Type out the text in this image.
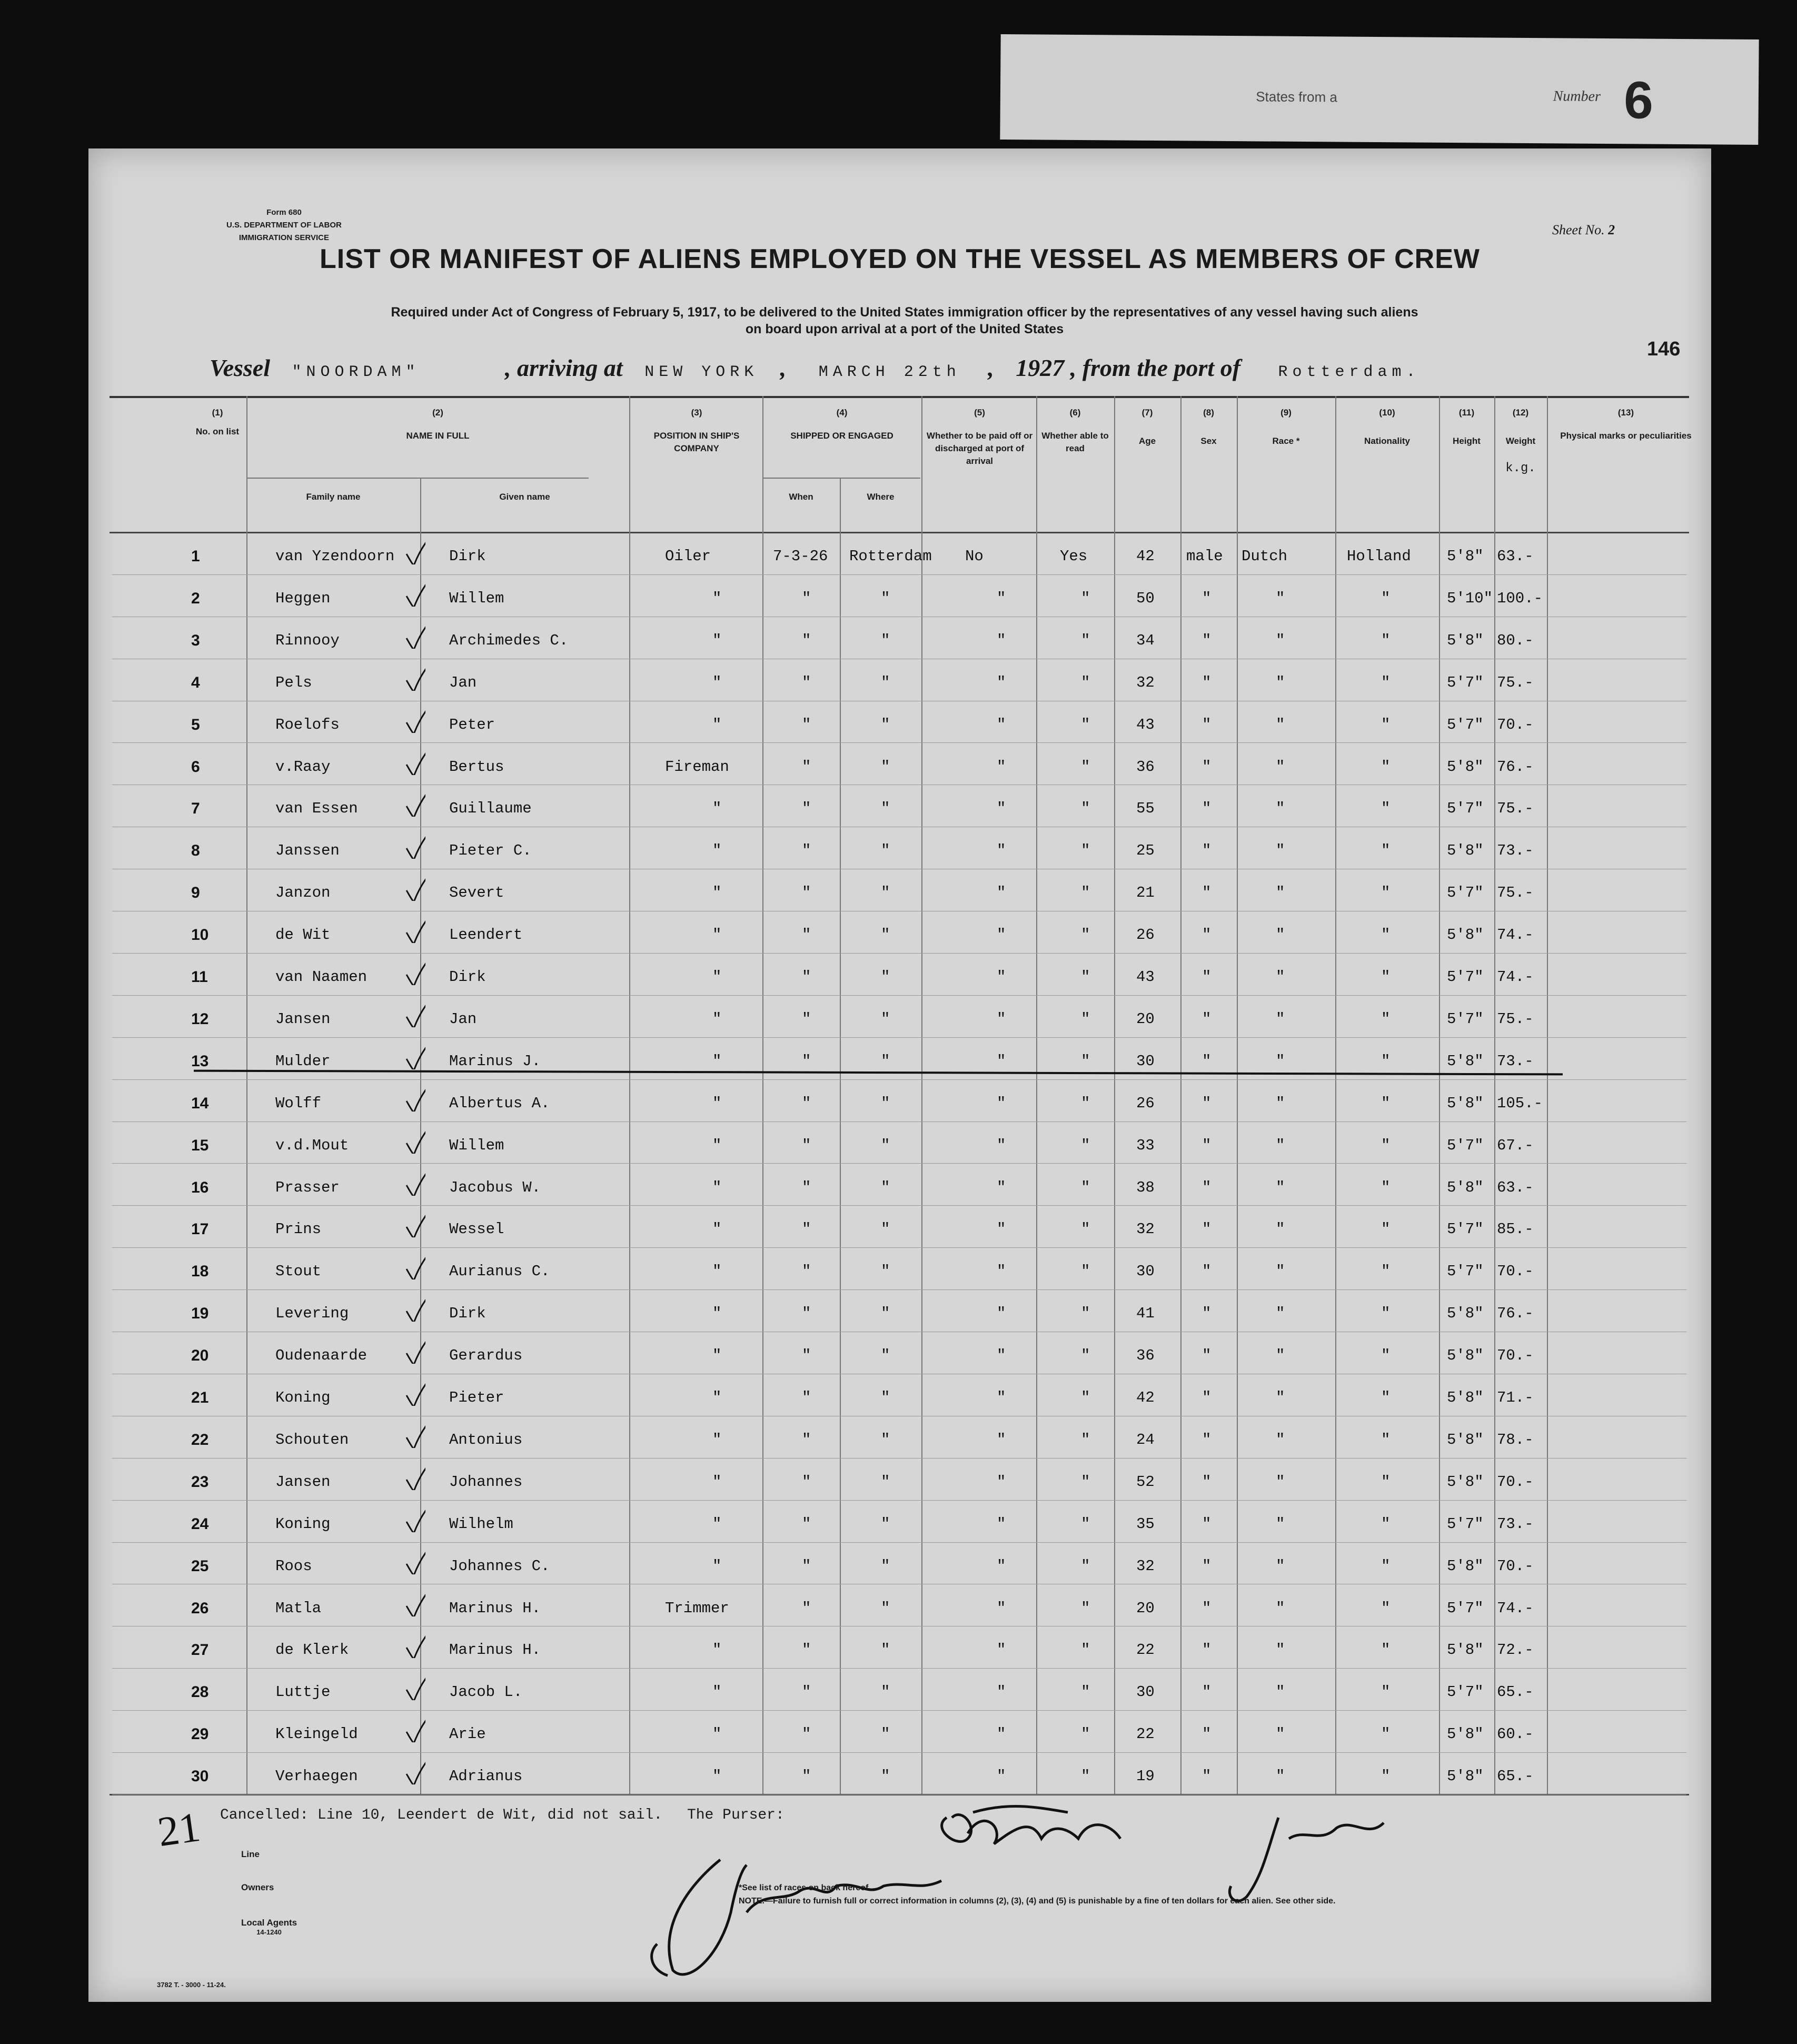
States from a	Number 6
Form 680
U.S. DEPARTMENT OF LABOR
IMMIGRATION SERVICE
Sheet No. 2
LIST OR MANIFEST OF ALIENS EMPLOYED ON THE VESSEL AS MEMBERS OF CREW
Required under Act of Congress of February 5, 1917, to be delivered to the United States immigration officer by the representatives of any vessel having such aliens
on board upon arrival at a port of the United States
146
Vessel "NOORDAM"	, arriving at NEW YORK , MARCH 22th , 1927 , from the port of Rotterdam.
(1)
No. on list
(2)
NAME IN FULL
Family name	Given name
(3)
POSITION IN SHIP'S COMPANY
(4)
SHIPPED OR ENGAGED
When	Where
(5)
Whether to be paid off or discharged at port of arrival
(6)
Whether able to read
(7)
Age
(8)
Sex
(9)
Race *
(10)
Nationality
(11)
Height
(12)
Weight
k.g.
(13)
Physical marks or peculiarities
1	van Yzendoorn	Dirk	Oiler	7-3-26 Rotterdam No	Yes	42 male Dutch	Holland 5'8" 63.-
2	Heggen	Willem	"	"	"	"	"	50	"	"	"	5'10" 100.-
3	Rinnooy	Archimedes C.	"	"	"	"	"	34	"	"	"	5'8" 80.-
4	Pels	Jan	"	"	"	"	"	32	"	"	"	5'7" 75.-
5	Roelofs	Peter	"	"	"	"	"	43	"	"	"	5'7" 70.-
6	v.Raay	Bertus	Fireman	"	"	"	"	36	"	"	"	5'8" 76.-
7	van Essen	Guillaume	"	"	"	"	"	55	"	"	"	5'7" 75.-
8	Janssen	Pieter C.	"	"	"	"	"	25	"	"	"	5'8" 73.-
9	Janzon	Severt	"	"	"	"	"	21	"	"	"	5'7" 75.-
10	de Wit	Leendert	"	"	"	"	"	26	"	"	"	5'8" 74.-
11	van Naamen	Dirk	"	"	"	"	"	43	"	"	"	5'7" 74.-
12	Jansen	Jan	"	"	"	"	"	20	"	"	"	5'7" 75.-
13	Mulder	Marinus J.	"	"	"	"	"	30	"	"	"	5'8" 73.-
14	Wolff	Albertus A.	"	"	"	"	"	26	"	"	"	5'8" 105.-
15	v.d.Mout	Willem	"	"	"	"	"	33	"	"	"	5'7" 67.-
16	Prasser	Jacobus W.	"	"	"	"	"	38	"	"	"	5'8" 63.-
17	Prins	Wessel	"	"	"	"	"	32	"	"	"	5'7" 85.-
18	Stout	Aurianus C.	"	"	"	"	"	30	"	"	"	5'7" 70.-
19	Levering	Dirk	"	"	"	"	"	41	"	"	"	5'8" 76.-
20	Oudenaarde	Gerardus	"	"	"	"	"	36	"	"	"	5'8" 70.-
21	Koning	Pieter	"	"	"	"	"	42	"	"	"	5'8" 71.-
22	Schouten	Antonius	"	"	"	"	"	24	"	"	"	5'8" 78.-
23	Jansen	Johannes	"	"	"	"	"	52	"	"	"	5'8" 70.-
24	Koning	Wilhelm	"	"	"	"	"	35	"	"	"	5'7" 73.-
25	Roos	Johannes C.	"	"	"	"	"	32	"	"	"	5'8" 70.-
26	Matla	Marinus H.	Trimmer	"	"	"	"	20	"	"	"	5'7" 74.-
27	de Klerk	Marinus H.	"	"	"	"	"	22	"	"	"	5'8" 72.-
28	Luttje	Jacob L.	"	"	"	"	"	30	"	"	"	5'7" 65.-
29	Kleingeld	Arie	"	"	"	"	"	22	"	"	"	5'8" 60.-
30	Verhaegen	Adrianus	"	"	"	"	"	19	"	"	"	5'8" 65.-
Cancelled: Line 10, Leendert de Wit, did not sail. The Purser:
Line
Owners
Local Agents
14-1240
*See list of races on back hereof.
NOTE.—Failure to furnish full or correct information in columns (2), (3), (4) and (5) is punishable by a fine of ten dollars for each alien. See other side.
3782 T. - 3000 - 11-24.
21
